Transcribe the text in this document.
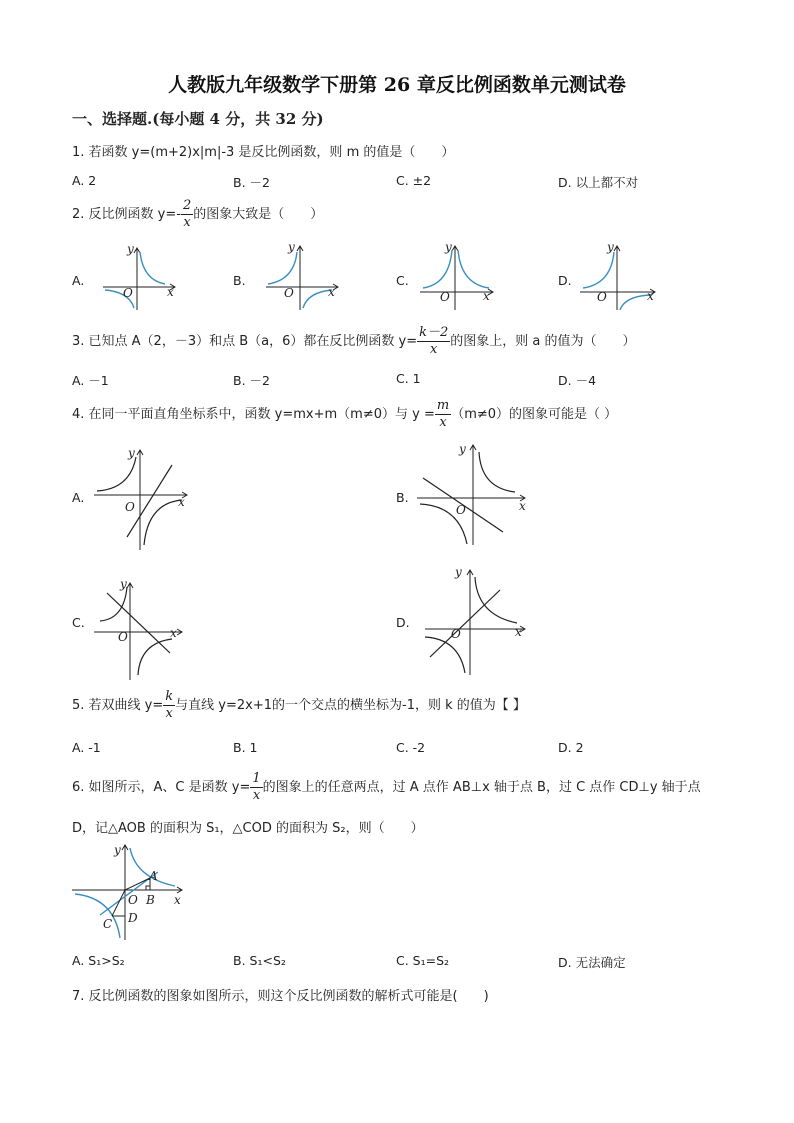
人教版九年级数学下册第 26 章反比例函数单元测试卷
一、选择题.(每小题 4 分，共 32 分)
1. 若函数 y=(m+2)x|m|-3 是反比例函数，则 m 的值是（　　）
A. 2	B. －2	C. ±2	D. 以上都不对
2. 反比例函数 $y=- \frac{2}{x}$ 的图象大致是（　　）
A.	B.	C.	D.
y
x
O
y
x
O
y
x
O
y
x
O
3. 已知点 A（2，－3）和点 B（a，6）都在反比例函数 $y= \frac{k-2}{x}$ 的图象上，则 a 的值为（　　）
A. －1	B. －2	C. 1	D. －4
4. 在同一平面直角坐标系中，函数 y=mx+m（m≠0）与 $y = \frac{m}{x} (m\ne 0)$的图象可能是（ ）
A.	B.
C.	D.
y
x
O
y
x
O
y
x
O
y
x
O
5. 若双曲线 $y= \frac{k}{x}$ 与直线 y=2x+1的一个交点的横坐标为-1，则 k 的值为【 】
A. -1	B. 1	C. -2	D. 2
6. 如图所示，A、C 是函数 $y= \frac{1}{x}$ 的图象上的任意两点，过 A 点作 AB⊥x 轴于点 B，过 C 点作 CD⊥y 轴于点
D，记△AOB 的面积为 S₁，△COD 的面积为 S₂，则（　　）
y
x
O
A
B
C D
A. S₁>S₂	B. S₁<S₂	C. S₁=S₂	D. 无法确定
7. 反比例函数的图象如图所示，则这个反比例函数的解析式可能是(　　)
